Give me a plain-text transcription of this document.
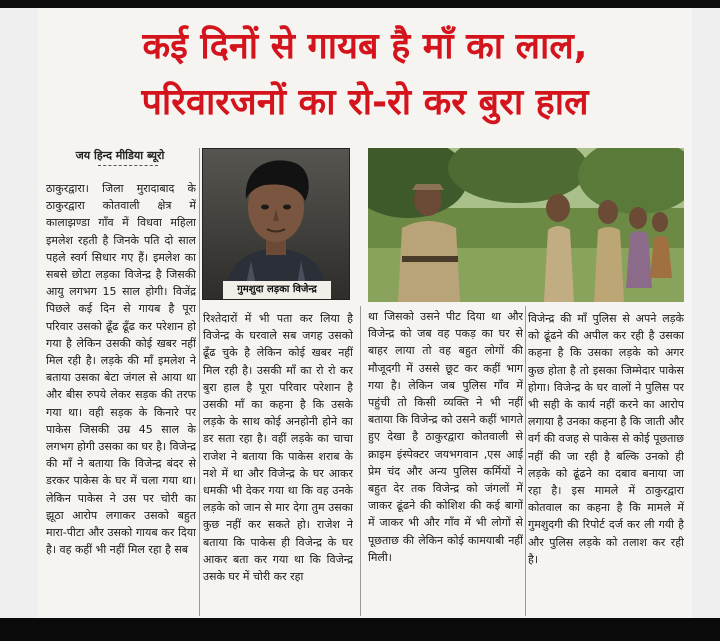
कई दिनों से गायब है माँ का लाल,
परिवारजनों का रो-रो कर बुरा हाल
जय हिन्द मीडिया ब्यूरो
ठाकुरद्वारा। जिला मुरादाबाद के ठाकुरद्वारा कोतवाली क्षेत्र में कालाझण्डा गाँव में विधवा महिला इमलेश रहती है जिनके पति दो साल पहले स्वर्ग सिधार गए हैं। इमलेश का सबसे छोटा लड़का विजेन्द्र है जिसकी आयु लगभग 15 साल होगी। विजेंद्र पिछले कई दिन से गायब है पूरा परिवार उसको ढूँढ ढूँढ कर परेशान हो गया है लेकिन उसकी कोई खबर नहीं मिल रही है। लड़के की माँ इमलेश ने बताया उसका बेटा जंगल से आया था और बीस रुपये लेकर सड़क की तरफ गया था। वही सड़क के किनारे पर पाकेस जिसकी उम्र 45 साल के लगभग होगी उसका का घर है। विजेन्द्र की माँ ने बताया कि विजेन्द्र बंदर से डरकर पाकेस के घर में चला गया था। लेकिन पाकेस ने उस पर चोरी का झूठा आरोप लगाकर उसको बहुत मारा-पीटा और उसको गायब कर दिया है। वह कहीं भी नहीं मिल रहा है सब
गुमशुदा लड़का विजेन्द्र
रिश्तेदारों में भी पता कर लिया है विजेन्द्र के घरवाले सब जगह उसको ढूँढ चुके है लेकिन कोई खबर नहीं मिल रही है। उसकी माँ का रो रो कर बुरा हाल है पूरा परिवार परेशान है उसकी माँ का कहना है कि उसके लड़के के साथ कोई अनहोनी होने का डर सता रहा है। वहीं लड़के का चाचा राजेश ने बताया कि पाकेस शराब के नशे में था और विजेन्द्र के घर आकर धमकी भी देकर गया था कि वह उनके लड़के को जान से मार देगा तुम उसका कुछ नहीं कर सकते हो। राजेश ने बताया कि पाकेस ही विजेन्द्र के घर आकर बता कर गया था कि विजेन्द्र उसके घर में चोरी कर रहा
था जिसको उसने पीट दिया था और विजेन्द्र को जब वह पकड़ का घर से बाहर लाया तो वह बहुत लोगों की मौजूदगी में उससे छूट कर कहीं भाग गया है। लेकिन जब पुलिस गाँव में पहुंची तो किसी व्यक्ति ने भी नहीं बताया कि विजेन्द्र को उसने कहीं भागते हुए देखा है ठाकुरद्वारा कोतवाली से क्राइम इंस्पेक्टर जयभगवान ,एस आई प्रेम चंद और अन्य पुलिस कर्मियों ने बहुत देर तक विजेन्द्र को जंगलों में जाकर ढूंढने की कोशिश की कई बागों में जाकर भी और गाँव में भी लोगों से पूछताछ की लेकिन कोई कामयाबी नहीं मिली।
विजेन्द्र की माँ पुलिस से अपने लड़के को ढूंढने की अपील कर रही है उसका कहना है कि उसका लड़के को अगर कुछ होता है तो इसका जिम्मेदार पाकेस होगा। विजेन्द्र के घर वालों ने पुलिस पर भी सही के कार्य नहीं करने का आरोप लगाया है उनका कहना है कि जाती और वर्ग की वजह से पाकेस से कोई पूछताछ नहीं की जा रही है बल्कि उनको ही लड़के को ढूंढने का दबाव बनाया जा रहा है। इस मामले में ठाकुरद्वारा कोतवाल का कहना है कि मामले में गुमशुदगी की रिपोर्ट दर्ज कर ली गयी है और पुलिस लड़के को तलाश कर रही है।
